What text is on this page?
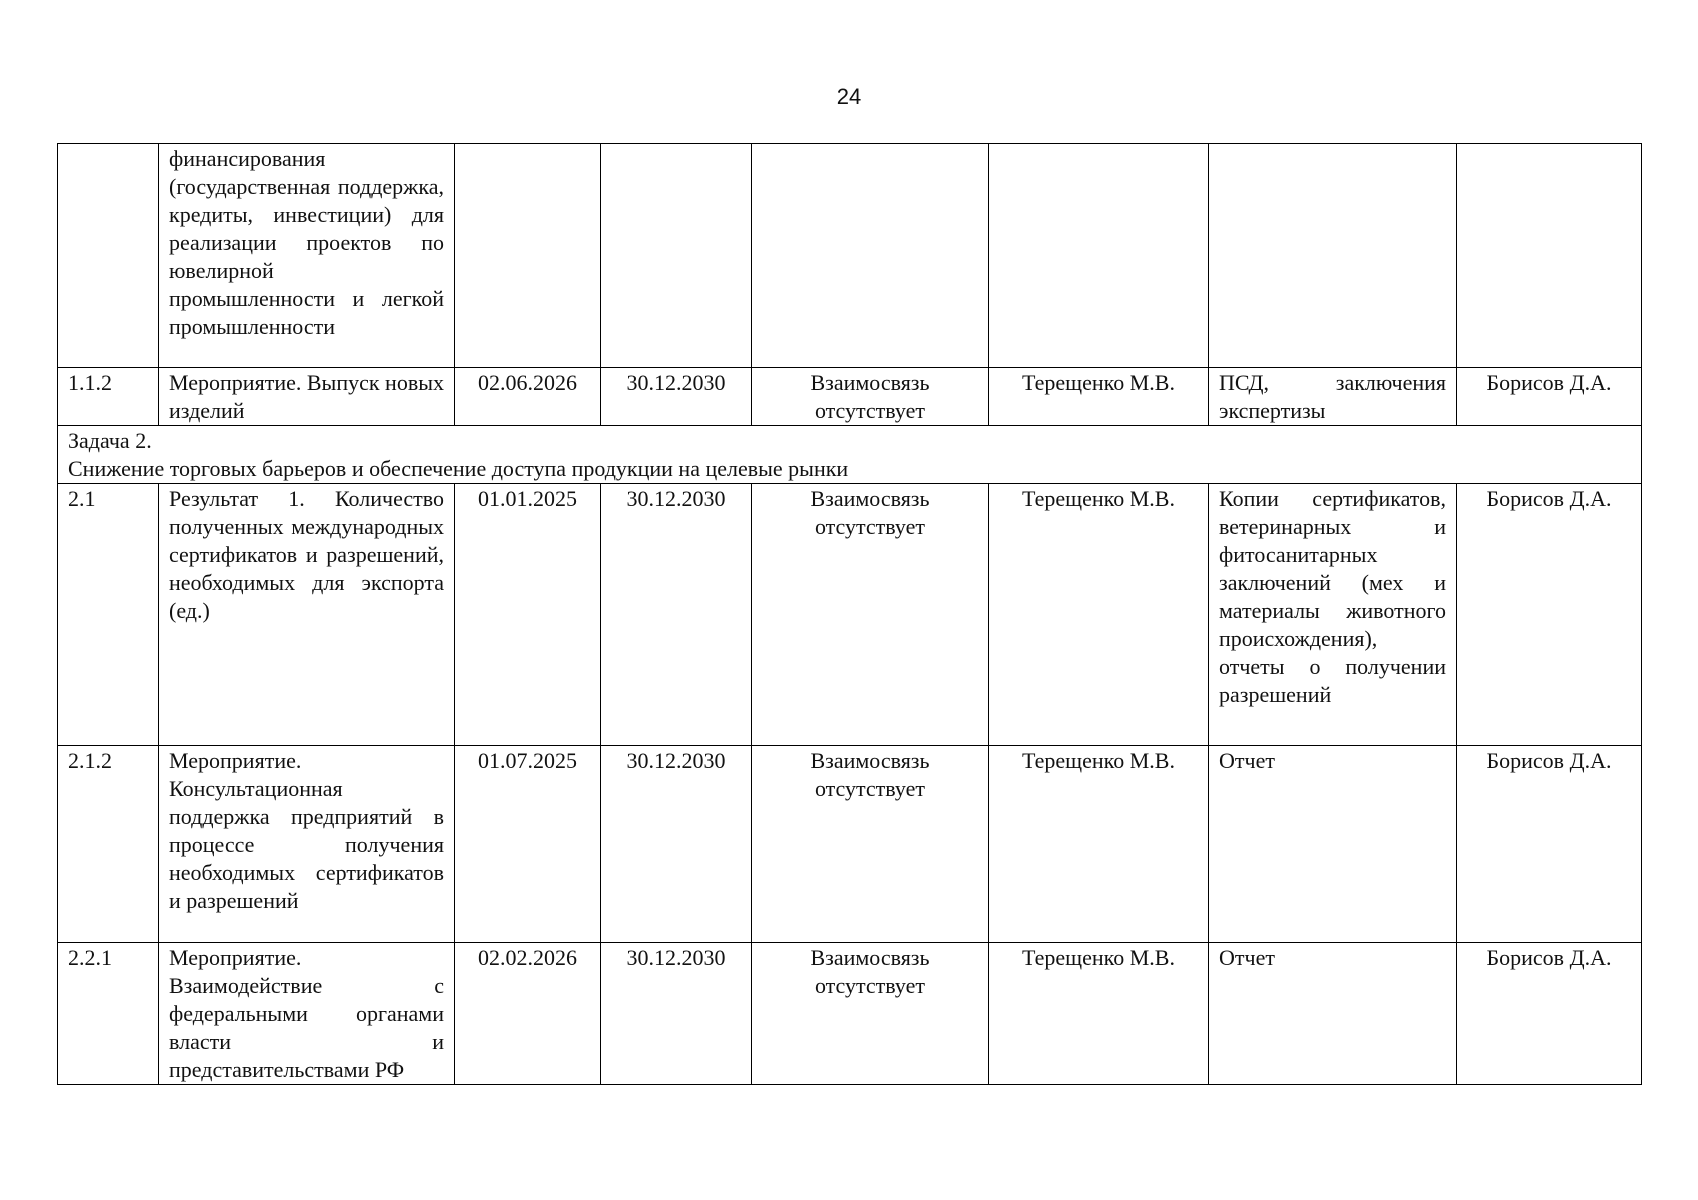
24
	финансирования (государственная поддержка, кредиты, инвестиции) для реализации проектов по ювелирной промышленности и легкой промышленности						
1.1.2	Мероприятие. Выпуск новых изделий	02.06.2026	30.12.2030	Взаимосвязь отсутствует	Терещенко М.В.	ПСД, заключения экспертизы	Борисов Д.А.

Задача 2.
Снижение торговых барьеров и обеспечение доступа продукции на целевые рынки							

2.1	Результат 1. Количество полученных международных сертификатов и разрешений, необходимых для экспорта (ед.)	01.01.2025	30.12.2030	Взаимосвязь отсутствует	Терещенко М.В.	Копии сертификатов, ветеринарных и фитосанитарных заключений (мех и материалы животного происхождения), отчеты о получении разрешений	Борисов Д.А.
2.1.2	Мероприятие. Консультационная поддержка предприятий в процессе получения необходимых сертификатов и разрешений	01.07.2025	30.12.2030	Взаимосвязь отсутствует	Терещенко М.В.	Отчет	Борисов Д.А.
2.2.1	Мероприятие. Взаимодействие с федеральными органами власти и представительствами РФ	02.02.2026	30.12.2030	Взаимосвязь отсутствует	Терещенко М.В.	Отчет	Борисов Д.А.
